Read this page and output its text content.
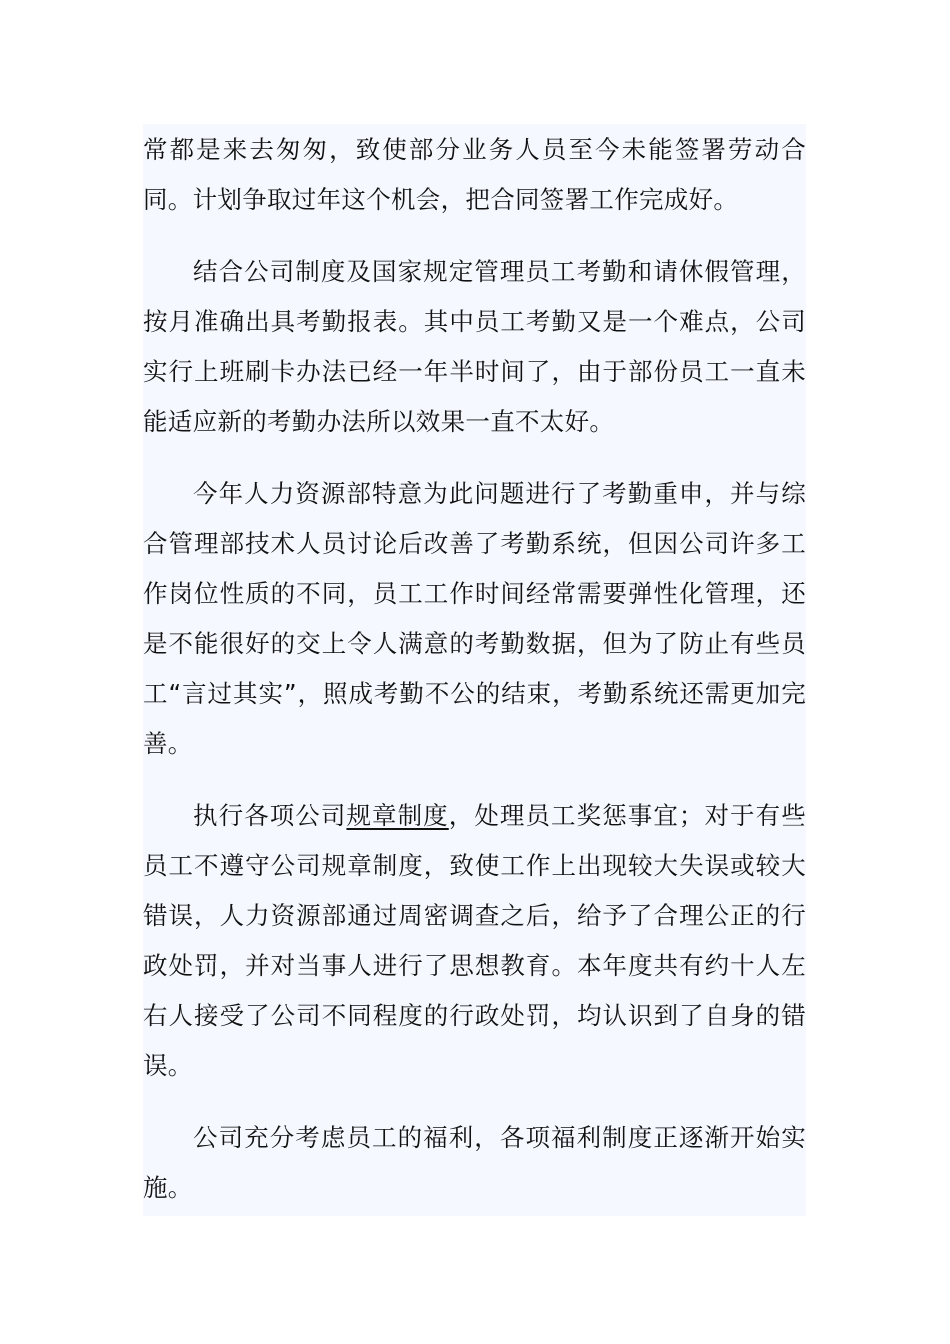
常都是来去匆匆，致使部分业务人员至今未能签署劳动合同。计划争取过年这个机会，把合同签署工作完成好。

结合公司制度及国家规定管理员工考勤和请休假管理，按月准确出具考勤报表。其中员工考勤又是一个难点，公司实行上班刷卡办法已经一年半时间了，由于部份员工一直未能适应新的考勤办法所以效果一直不太好。

今年人力资源部特意为此问题进行了考勤重申，并与综合管理部技术人员讨论后改善了考勤系统，但因公司许多工作岗位性质的不同，员工工作时间经常需要弹性化管理，还是不能很好的交上令人满意的考勤数据，但为了防止有些员工“言过其实”，照成考勤不公的结束，考勤系统还需更加完善。

执行各项公司规章制度，处理员工奖惩事宜；对于有些员工不遵守公司规章制度，致使工作上出现较大失误或较大错误，人力资源部通过周密调查之后，给予了合理公正的行政处罚，并对当事人进行了思想教育。本年度共有约十人左右人接受了公司不同程度的行政处罚，均认识到了自身的错误。

公司充分考虑员工的福利，各项福利制度正逐渐开始实施。
